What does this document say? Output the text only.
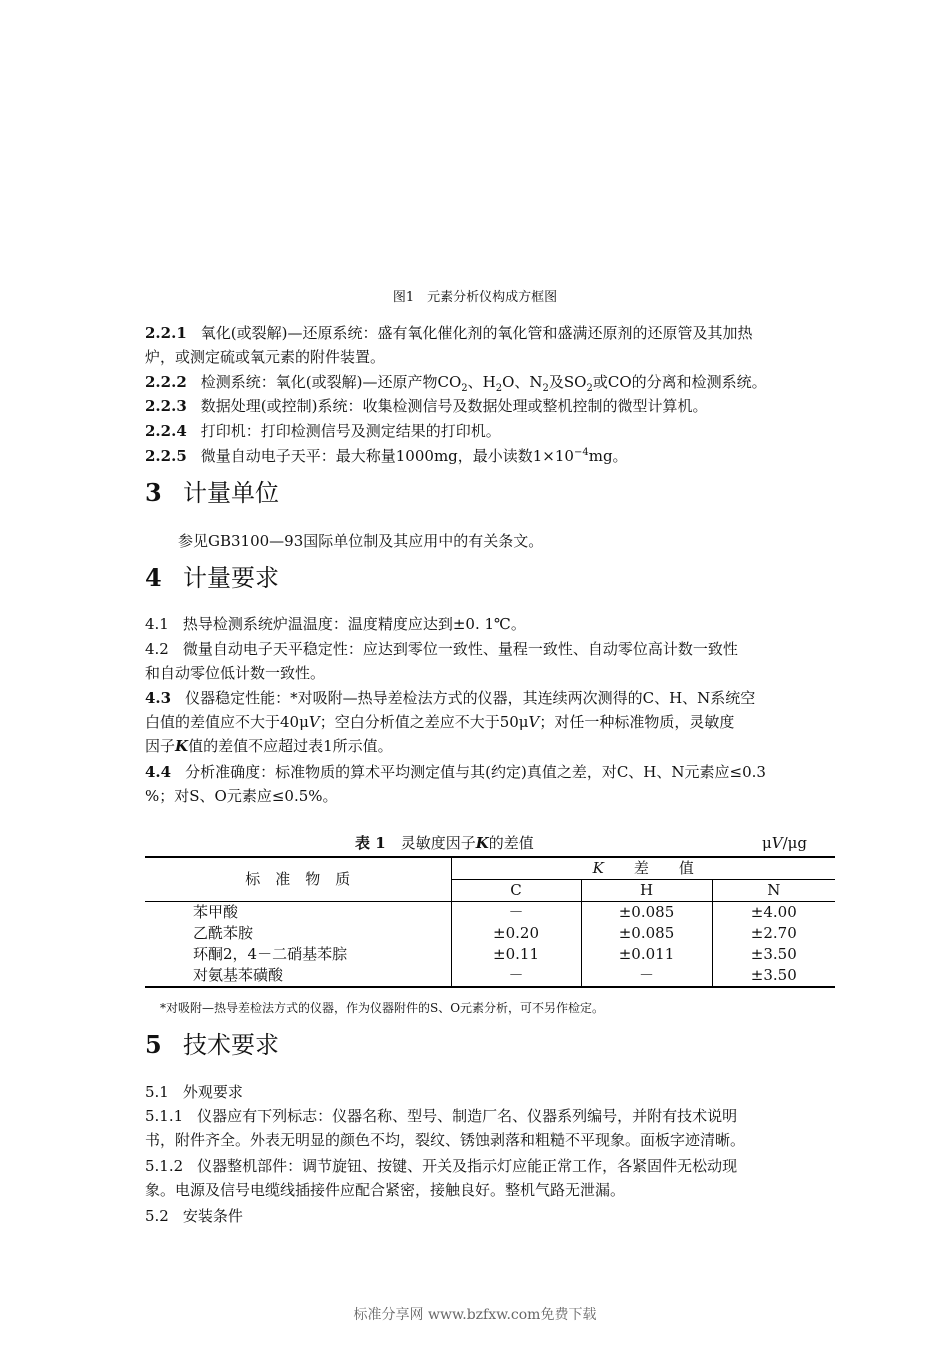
图1　元素分析仪构成方框图
2.2.1 氧化(或裂解)—还原系统：盛有氧化催化剂的氧化管和盛满还原剂的还原管及其加热
炉，或测定硫或氧元素的附件装置。
2.2.2 检测系统：氧化(或裂解)—还原产物$CO_2$、$H_2O$、$N_2$及$SO_2$或CO的分离和检测系统。
2.2.3 数据处理(或控制)系统：收集检测信号及数据处理或整机控制的微型计算机。
2.2.4 打印机：打印检测信号及测定结果的打印机。
2.2.5 微量自动电子天平：最大称量1000mg，最小读数$1\times 10^{-4}mg$。
3 计量单位
参见GB3100—93国际单位制及其应用中的有关条文。
4 计量要求
4.1 热导检测系统炉温温度：温度精度应达到±0. 1℃。
4.2 微量自动电子天平稳定性：应达到零位一致性、量程一致性、自动零位高计数一致性
和自动零位低计数一致性。
4.3 仪器稳定性能：*对吸附—热导差检法方式的仪器，其连续两次测得的C、H、N系统空
白值的差值应不大于40μV；空白分析值之差应不大于50μV；对任一种标准物质，灵敏度
因子K值的差值不应超过表1所示值。
4.4 分析准确度：标准物质的算术平均测定值与其(约定)真值之差，对C、H、N元素应≤0.3
%；对S、O元素应≤0.5%。
表 1　 灵敏度因子K的差值	μV/μg
标　准　物　质	K　　 差　　值		
	C	H	N
苯甲酸	－	±0.085	±4.00
乙酰苯胺	±0.20	±0.085	±2.70
环酮2，4－二硝基苯腙	±0.11	±0.011	±3.50
对氨基苯磺酸	－	－	±3.50
*对吸附—热导差检法方式的仪器，作为仪器附件的S、O元素分析，可不另作检定。
5 技术要求
5.1 外观要求
5.1.1 仪器应有下列标志：仪器名称、型号、制造厂名、仪器系列编号，并附有技术说明
书，附件齐全。外表无明显的颜色不均，裂纹、锈蚀剥落和粗糙不平现象。面板字迹清晰。
5.1.2 仪器整机部件：调节旋钮、按键、开关及指示灯应能正常工作，各紧固件无松动现
象。电源及信号电缆线插接件应配合紧密，接触良好。整机气路无泄漏。
5.2 安装条件
标准分享网 www.bzfxw.com免费下载
